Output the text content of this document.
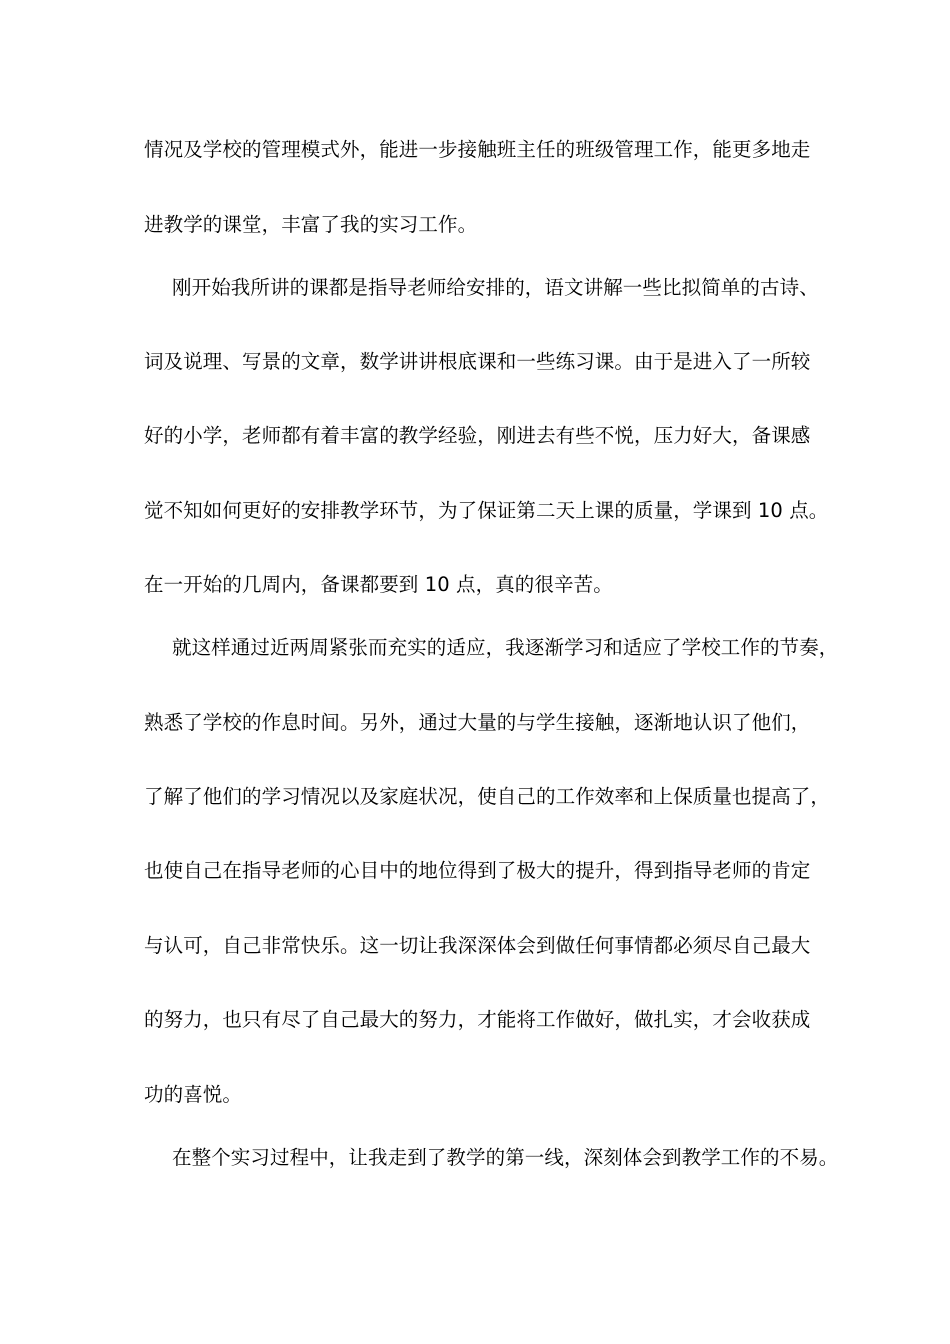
情况及学校的管理模式外，能进一步接触班主任的班级管理工作，能更多地走
进教学的课堂，丰富了我的实习工作。
刚开始我所讲的课都是指导老师给安排的，语文讲解一些比拟简单的古诗、
词及说理、写景的文章，数学讲讲根底课和一些练习课。由于是进入了一所较
好的小学，老师都有着丰富的教学经验，刚进去有些不悦，压力好大，备课感
觉不知如何更好的安排教学环节，为了保证第二天上课的质量，学课到 10 点。
在一开始的几周内，备课都要到 10 点，真的很辛苦。
就这样通过近两周紧张而充实的适应，我逐渐学习和适应了学校工作的节奏，
熟悉了学校的作息时间。另外，通过大量的与学生接触，逐渐地认识了他们，
了解了他们的学习情况以及家庭状况，使自己的工作效率和上保质量也提高了，
也使自己在指导老师的心目中的地位得到了极大的提升，得到指导老师的肯定
与认可，自己非常快乐。这一切让我深深体会到做任何事情都必须尽自己最大
的努力，也只有尽了自己最大的努力，才能将工作做好，做扎实，才会收获成
功的喜悦。
在整个实习过程中，让我走到了教学的第一线，深刻体会到教学工作的不易。
